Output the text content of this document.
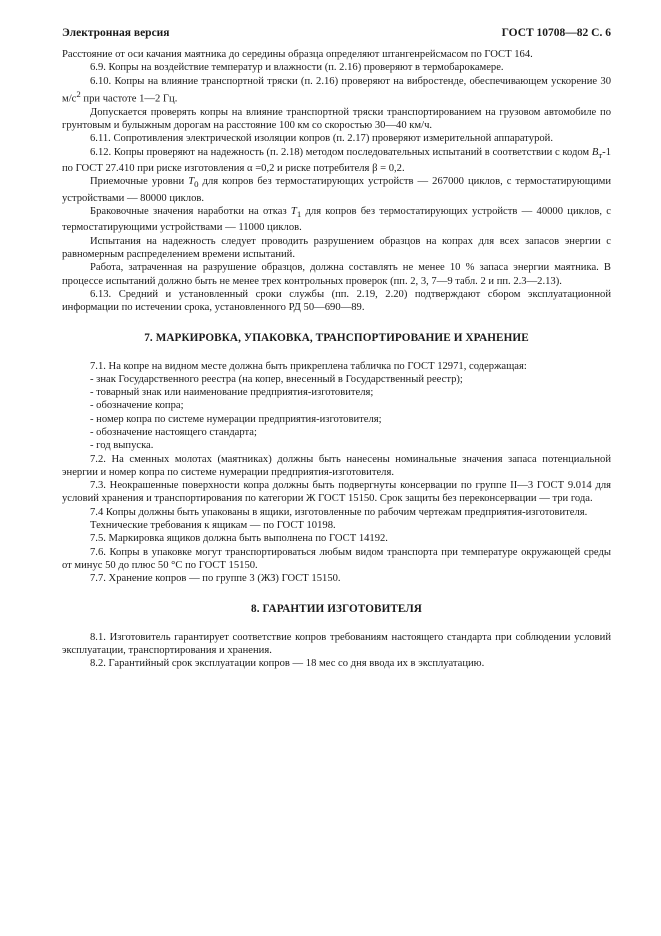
Электронная версия	ГОСТ 10708—82 С. 6

Расстояние от оси качания маятника до середины образца определяют штангенрейсмасом по ГОСТ 164.

6.9. Копры на воздействие температур и влажности (п. 2.16) проверяют в термобарокамере.

6.10. Копры на влияние транспортной тряски (п. 2.16) проверяют на вибростенде, обеспечивающем ускорение 30 $м/с^2$ при частоте 1—2 Гц.

Допускается проверять копры на влияние транспортной тряски транспортированием на грузовом автомобиле по грунтовым и булыжным дорогам на расстояние 100 км со скоростью 30—40 км/ч.

6.11. Сопротивления электрической изоляции копров (п. 2.17) проверяют измерительной аппаратурой.

6.12. Копры проверяют на надежность (п. 2.18) методом последовательных испытаний в соответствии с кодом $В_т-1$ по ГОСТ 27.410 при риске изготовления α =0,2 и риске потребителя β = 0,2.

Приемочные уровни $Т_0$ для копров без термостатирующих устройств — 267000 циклов, с термостатирующими устройствами — 80000 циклов.

Браковочные значения наработки на отказ $Т_1$ для копров без термостатирующих устройств — 40000 циклов, с термостатирующими устройствами — 11000 циклов.

Испытания на надежность следует проводить разрушением образцов на копрах для всех запасов энергии с равномерным распределением времени испытаний.

Работа, затраченная на разрушение образцов, должна составлять не менее 10 % запаса энергии маятника. В процессе испытаний должно быть не менее трех контрольных проверок (пп. 2, 3, 7—9 табл. 2 и пп. 2.3—2.13).

6.13. Средний и установленный сроки службы (пп. 2.19, 2.20) подтверждают сбором эксплуатационной информации по истечении срока, установленного РД 50—690—89.

7. МАРКИРОВКА, УПАКОВКА, ТРАНСПОРТИРОВАНИЕ И ХРАНЕНИЕ

7.1. На копре на видном месте должна быть прикреплена табличка по ГОСТ 12971, содержащая:

- знак Государственного реестра (на копер, внесенный в Государственный реестр);

- товарный знак или наименование предприятия-изготовителя;

- обозначение копра;

- номер копра по системе нумерации предприятия-изготовителя;

- обозначение настоящего стандарта;

- год выпуска.

7.2. На сменных молотах (маятниках) должны быть нанесены номинальные значения запаса потенциальной энергии и номер копра по системе нумерации предприятия-изготовителя.

7.3. Неокрашенные поверхности копра должны быть подвергнуты консервации по группе II—3 ГОСТ 9.014 для условий хранения и транспортирования по категории Ж ГОСТ 15150. Срок защиты без переконсервации — три года.

7.4 Копры должны быть упакованы в ящики, изготовленные по рабочим чертежам предприятия-изготовителя.

Технические требования к ящикам — по ГОСТ 10198.

7.5. Маркировка ящиков должна быть выполнена по ГОСТ 14192.

7.6. Копры в упаковке могут транспортироваться любым видом транспорта при температуре окружающей среды от минус 50 до плюс 50 °С по ГОСТ 15150.

7.7. Хранение копров — по группе 3 (ЖЗ) ГОСТ 15150.

8. ГАРАНТИИ ИЗГОТОВИТЕЛЯ

8.1. Изготовитель гарантирует соответствие копров требованиям настоящего стандарта при соблюдении условий эксплуатации, транспортирования и хранения.

8.2. Гарантийный срок эксплуатации копров — 18 мес со дня ввода их в эксплуатацию.
